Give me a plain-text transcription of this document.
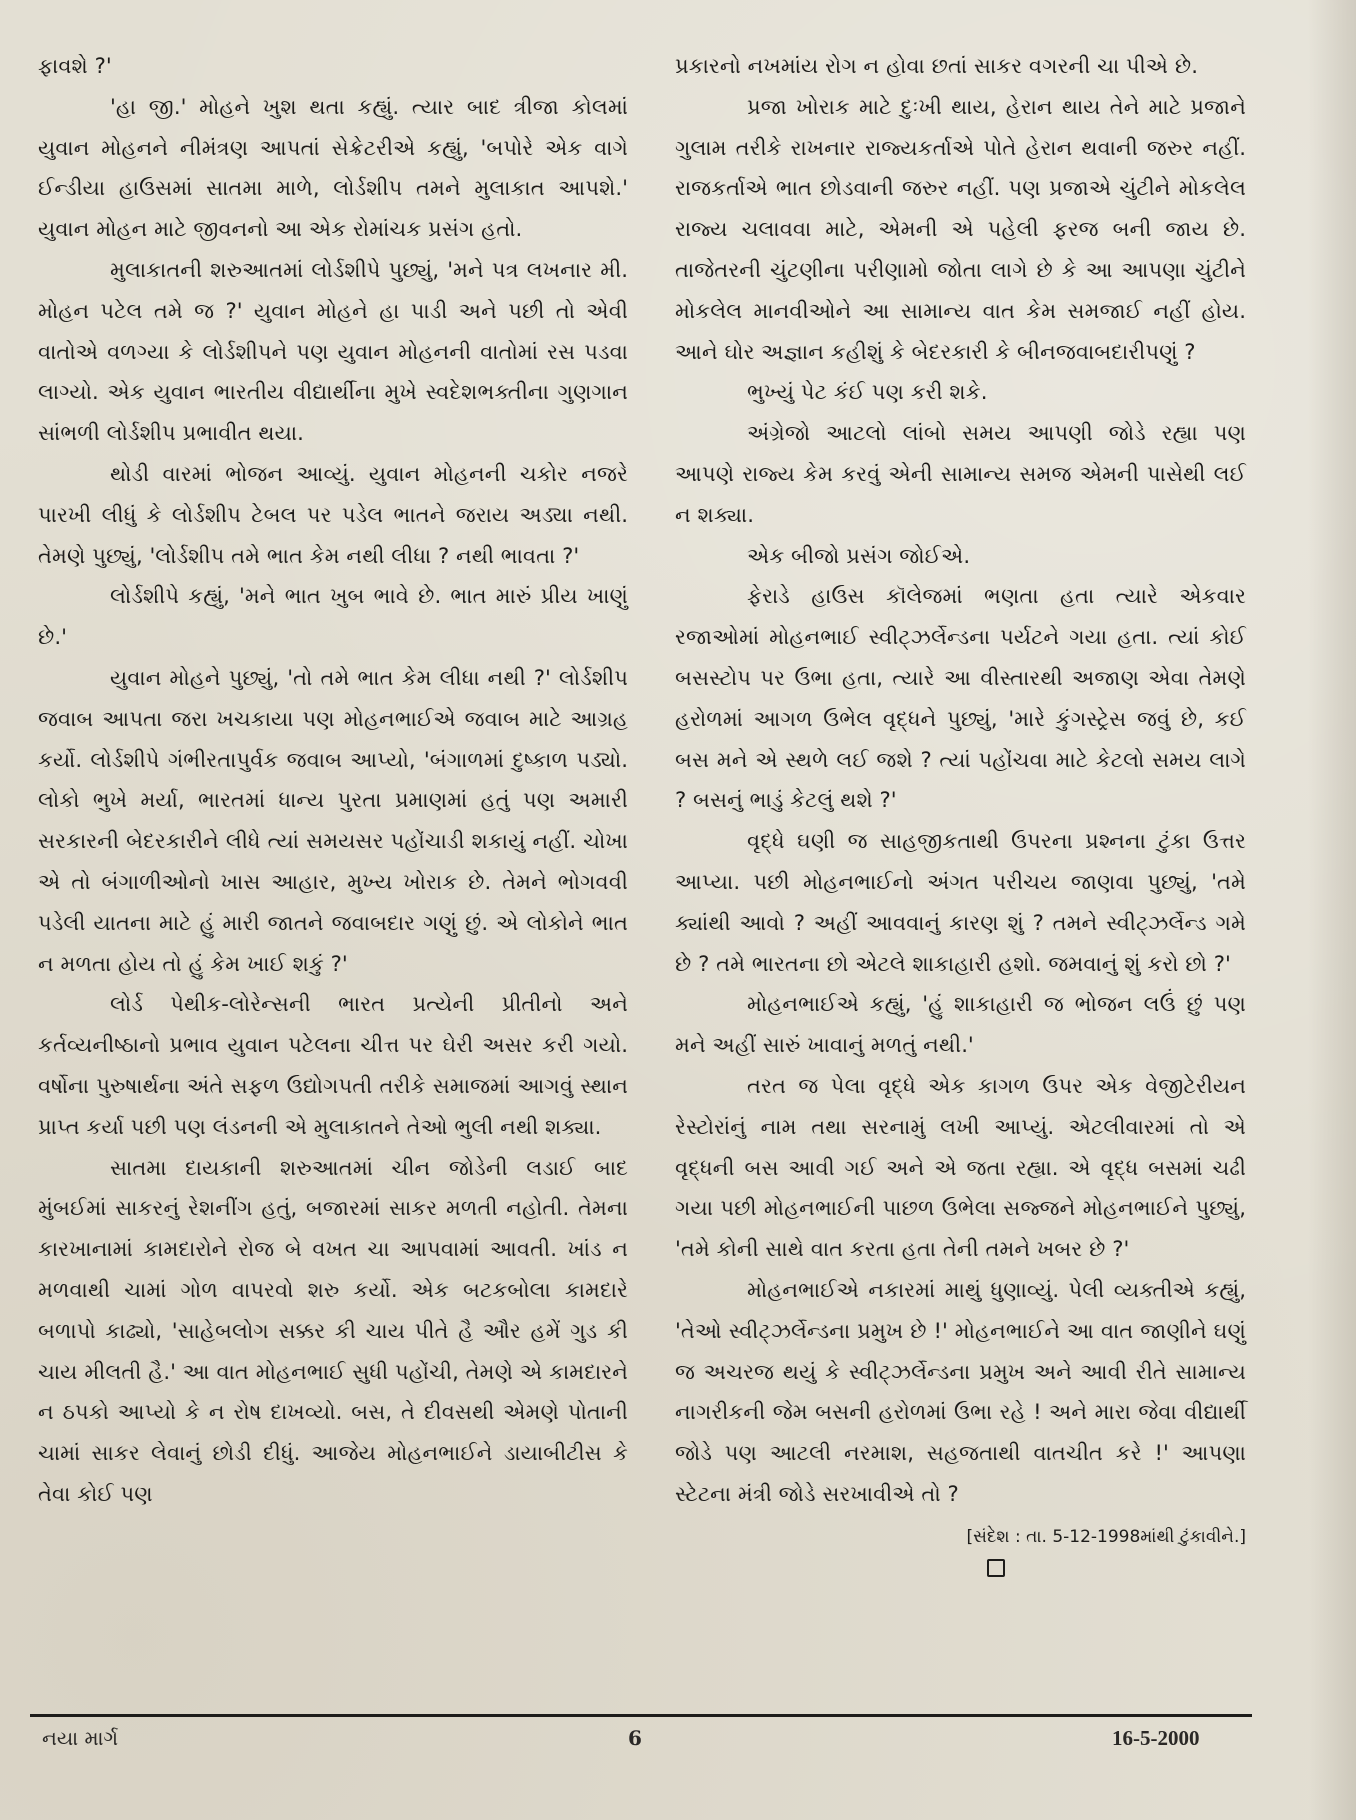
ફાવશે ?'

'હા જી.' મોહને ખુશ થતા કહ્યું. ત્યાર બાદ ત્રીજા કોલમાં યુવાન મોહનને નીમંત્રણ આપતાં સેક્રેટરીએ કહ્યું, 'બપોરે એક વાગે ઈન્ડીયા હાઉસમાં સાતમા માળે, લોર્ડશીપ તમને મુલાકાત આપશે.' યુવાન મોહન માટે જીવનનો આ એક રોમાંચક પ્રસંગ હતો.

મુલાકાતની શરુઆતમાં લોર્ડશીપે પુછ્યું, 'મને પત્ર લખનાર મી. મોહન પટેલ તમે જ ?' યુવાન મોહને હા પાડી અને પછી તો એવી વાતોએ વળગ્યા કે લોર્ડશીપને પણ યુવાન મોહનની વાતોમાં રસ પડવા લાગ્યો. એક યુવાન ભારતીય વીદ્યાર્થીના મુખે સ્વદેશભક્તીના ગુણગાન સાંભળી લોર્ડશીપ પ્રભાવીત થયા.

થોડી વારમાં ભોજન આવ્યું. યુવાન મોહનની ચકોર નજરે પારખી લીધું કે લોર્ડશીપ ટેબલ પર પડેલ ભાતને જરાય અડ્યા નથી. તેમણે પુછ્યું, 'લોર્ડશીપ તમે ભાત કેમ નથી લીધા ? નથી ભાવતા ?'

લોર્ડશીપે કહ્યું, 'મને ભાત ખુબ ભાવે છે. ભાત મારું પ્રીય ખાણું છે.'

યુવાન મોહને પુછ્યું, 'તો તમે ભાત કેમ લીધા નથી ?' લોર્ડશીપ જવાબ આપતા જરા ખચકાયા પણ મોહનભાઈએ જવાબ માટે આગ્રહ કર્યો. લોર્ડશીપે ગંભીરતાપુર્વક જવાબ આપ્યો, 'બંગાળમાં દુષ્કાળ પડ્યો. લોકો ભુખે મર્યા, ભારતમાં ધાન્ય પુરતા પ્રમાણમાં હતું પણ અમારી સરકારની બેદરકારીને લીધે ત્યાં સમયસર પહોંચાડી શકાયું નહીં. ચોખા એ તો બંગાળીઓનો ખાસ આહાર, મુખ્ય ખોરાક છે. તેમને ભોગવવી પડેલી યાતના માટે હું મારી જાતને જવાબદાર ગણું છું. એ લોકોને ભાત ન મળતા હોય તો હું કેમ ખાઈ શકું ?'

લોર્ડ પેથીક-લોરેન્સની ભારત પ્રત્યેની પ્રીતીનો અને કર્તવ્યનીષ્ઠાનો પ્રભાવ યુવાન પટેલના ચીત્ત પર ઘેરી અસર કરી ગયો. વર્ષોના પુરુષાર્થના અંતે સફળ ઉદ્યોગપતી તરીકે સમાજમાં આગવું સ્થાન પ્રાપ્ત કર્યા પછી પણ લંડનની એ મુલાકાતને તેઓ ભુલી નથી શક્યા.

સાતમા દાયકાની શરુઆતમાં ચીન જોડેની લડાઈ બાદ મુંબઈમાં સાકરનું રેશનીંગ હતું, બજારમાં સાકર મળતી નહોતી. તેમના કારખાનામાં કામદારોને રોજ બે વખત ચા આપવામાં આવતી. ખાંડ ન મળવાથી ચામાં ગોળ વાપરવો શરુ કર્યો. એક બટકબોલા કામદારે બળાપો કાઢ્યો, 'સાહેબલોગ સક્કર કી ચાય પીતે હૈ ઔર હમેં ગુડ કી ચાય મીલતી હૈ.' આ વાત મોહનભાઈ સુધી પહોંચી, તેમણે એ કામદારને ન ઠપકો આપ્યો કે ન રોષ દાખવ્યો. બસ, તે દીવસથી એમણે પોતાની ચામાં સાકર લેવાનું છોડી દીધું. આજેય મોહનભાઈને ડાયાબીટીસ કે તેવા કોઈ પણ

પ્રકારનો નખમાંય રોગ ન હોવા છતાં સાકર વગરની ચા પીએ છે.

પ્રજા ખોરાક માટે દુઃખી થાય, હેરાન થાય તેને માટે પ્રજાને ગુલામ તરીકે રાખનાર રાજ્યકર્તાએ પોતે હેરાન થવાની જરુર નહીં. રાજકર્તાએ ભાત છોડવાની જરુર નહીં. પણ પ્રજાએ ચુંટીને મોકલેલ રાજ્ય ચલાવવા માટે, એમની એ પહેલી ફરજ બની જાય છે. તાજેતરની ચુંટણીના પરીણામો જોતા લાગે છે કે આ આપણા ચુંટીને મોકલેલ માનવીઓને આ સામાન્ય વાત કેમ સમજાઈ નહીં હોય. આને ઘોર અજ્ઞાન કહીશું કે બેદરકારી કે બીનજવાબદારીપણું ?

ભુખ્યું પેટ કંઈ પણ કરી શકે.

અંગ્રેજો આટલો લાંબો સમય આપણી જોડે રહ્યા પણ આપણે રાજ્ય કેમ કરવું એની સામાન્ય સમજ એમની પાસેથી લઈ ન શક્યા.

એક બીજો પ્રસંગ જોઈએ.

ફેરાડે હાઉસ કૉલેજમાં ભણતા હતા ત્યારે એકવાર રજાઓમાં મોહનભાઈ સ્વીટ્ઝર્લેન્ડના પર્યટને ગયા હતા. ત્યાં કોઈ બસસ્ટોપ પર ઉભા હતા, ત્યારે આ વીસ્તારથી અજાણ એવા તેમણે હરોળમાં આગળ ઉભેલ વૃદ્ધને પુછ્યું, 'મારે કુંગસ્ટ્રેસ જવું છે, કઈ બસ મને એ સ્થળે લઈ જશે ? ત્યાં પહોંચવા માટે કેટલો સમય લાગે ? બસનું ભાડું કેટલું થશે ?'

વૃદ્ધે ઘણી જ સાહજીકતાથી ઉપરના પ્રશ્નના ટુંકા ઉત્તર આપ્યા. પછી મોહનભાઈનો અંગત પરીચય જાણવા પુછ્યું, 'તમે ક્યાંથી આવો ? અહીં આવવાનું કારણ શું ? તમને સ્વીટ્ઝર્લેન્ડ ગમે છે ? તમે ભારતના છો એટલે શાકાહારી હશો. જમવાનું શું કરો છો ?'

મોહનભાઈએ કહ્યું, 'હું શાકાહારી જ ભોજન લઉં છું પણ મને અહીં સારું ખાવાનું મળતું નથી.'

તરત જ પેલા વૃદ્ધે એક કાગળ ઉપર એક વેજીટેરીયન રેસ્ટોરાંનું નામ તથા સરનામું લખી આપ્યું. એટલીવારમાં તો એ વૃદ્ધની બસ આવી ગઈ અને એ જતા રહ્યા. એ વૃદ્ધ બસમાં ચઢી ગયા પછી મોહનભાઈની પાછળ ઉભેલા સજ્જને મોહનભાઈને પુછ્યું, 'તમે કોની સાથે વાત કરતા હતા તેની તમને ખબર છે ?'

મોહનભાઈએ નકારમાં માથું ધુણાવ્યું. પેલી વ્યક્તીએ કહ્યું, 'તેઓ સ્વીટ્ઝર્લેન્ડના પ્રમુખ છે !' મોહનભાઈને આ વાત જાણીને ઘણું જ અચરજ થયું કે સ્વીટ્ઝર્લેન્ડના પ્રમુખ અને આવી રીતે સામાન્ય નાગરીકની જેમ બસની હરોળમાં ઉભા રહે ! અને મારા જેવા વીદ્યાર્થી જોડે પણ આટલી નરમાશ, સહજતાથી વાતચીત કરે !' આપણા સ્ટેટના મંત્રી જોડે સરખાવીએ તો ?

[સંદેશ : તા. 5-12-1998માંથી ટુંકાવીને.]
નયા માર્ગ	6	16-5-2000
